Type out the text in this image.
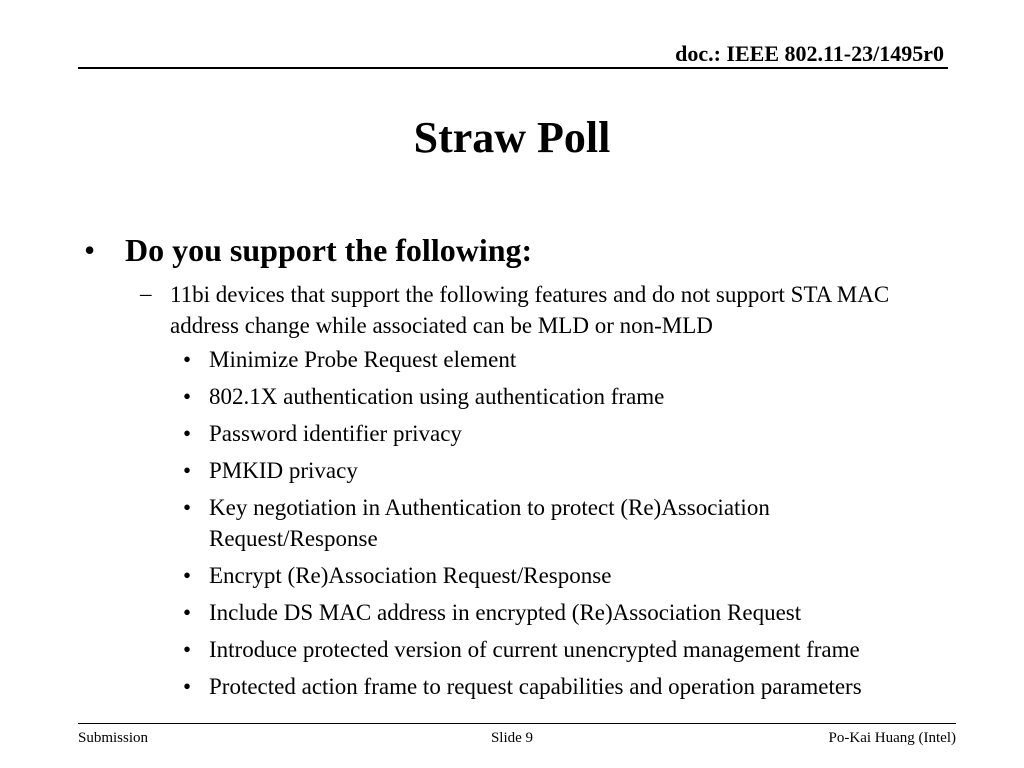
doc.: IEEE 802.11-23/1495r0
Straw Poll
• Do you support the following:
– 11bi devices that support the following features and do not support STA MAC address change while associated can be MLD or non-MLD
• Minimize Probe Request element
• 802.1X authentication using authentication frame
• Password identifier privacy
• PMKID privacy
• Key negotiation in Authentication to protect (Re)Association Request/Response
• Encrypt (Re)Association Request/Response
• Include DS MAC address in encrypted (Re)Association Request
• Introduce protected version of current unencrypted management frame
• Protected action frame to request capabilities and operation parameters
Submission	Slide 9	Po-Kai Huang (Intel)
